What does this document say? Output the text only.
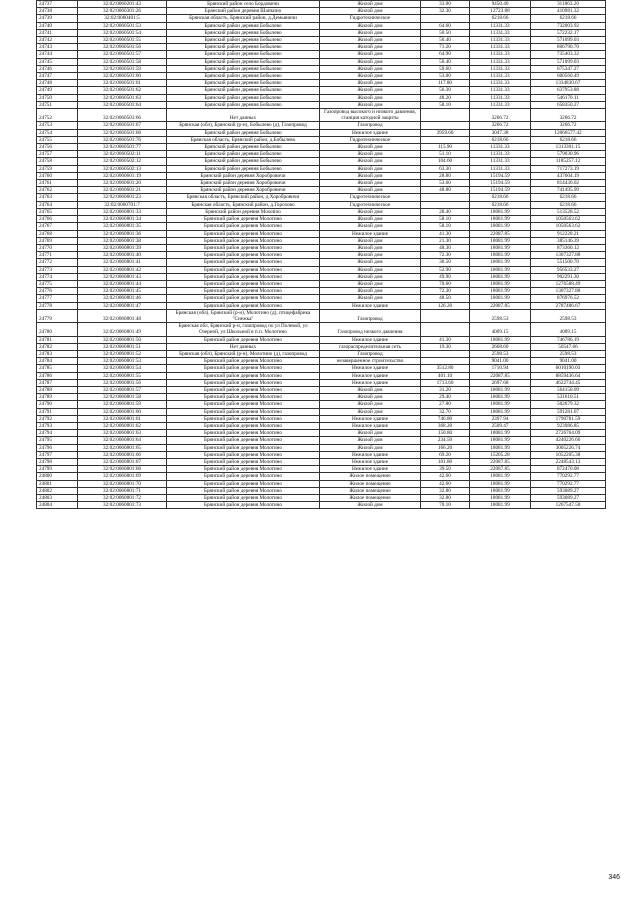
24737	32:02:0060201:43	Брянский район село Бордовичи	Жилой дом	33.00	9450.40	311863.20
24738	32:02:0060301:26	Брянский район деревня Шапкино	Жилой дом	32.30	12723.88	410981.32
24739	32:02:0060401:5	Брянская область, Брянский район, д.Демьяничи	Гидротехническое		6218.66	6218.66
24740	32:02:0060501:53	Брянский район деревня Бобылево	Жилой дом	64.60	11331.33	732003.92
24741	32:02:0060501:54	Брянский район деревня Бобылево	Жилой дом	50.50	11331.33	572232.17
24742	32:02:0060501:55	Брянский район деревня Бобылево	Жилой дом	50.40	11331.33	571099.03
24743	32:02:0060501:56	Брянский район деревня Бобылево	Жилой дом	71.20	11331.33	806790.70
24744	32:02:0060501:57	Брянский район деревня Бобылево	Жилой дом	64.90	11331.33	735403.32
24745	32:02:0060501:58	Брянский район деревня Бобылево	Жилой дом	50.40	11331.33	571099.03
24746	32:02:0060501:59	Брянский район деревня Бобылево	Жилой дом	59.60	11331.33	675347.27
24747	32:02:0060501:60	Брянский район деревня Бобылево	Жилой дом	53.00	11331.33	600560.49
24748	32:02:0060501:61	Брянский район деревня Бобылево	Жилой дом	117.80	11331.33	1334830.67
24749	32:02:0060501:62	Брянский район деревня Бобылево	Жилой дом	56.30	11331.33	637953.88
24750	32:02:0060501:63	Брянский район деревня Бобылево	Жилой дом	48.20	11331.33	546170.11
24751	32:02:0060501:64	Брянский район деревня Бобылево	Жилой дом	58.10	11331.33	658350.27
24752	32:02:0060501:66	Нет данных	Газопровод высокого и низкого давления, станция катодной защиты		3266.72	3266.72
24753	32:02:0060501:67	Брянская (обл), Брянский (р-н), Бобылево (д), Газопровод	Газопровод		3266.72	3266.72
24754	32:02:0060501:68	Брянский район деревня Бобылево	Нежилое здание	3959.60	3047.38	12066577.42
24755	32:02:0060501:76	Брянская область, Брянский район, д.Бобылево	Гидротехническое		6218.66	6218.66
24756	32:02:0060501:77	Брянский район деревня Бобылево	Жилой дом	115.90	11331.33	1313301.15
24757	32:02:0060502:11	Брянский район деревня Бобылево	Жилой дом	51.10	11331.33	579030.96
24758	32:02:0060502:12	Брянский район деревня Бобылево	Жилой дом	104.60	11331.33	1185257.12
24759	32:02:0060502:13	Брянский район деревня Бобылево	Жилой дом	63.30	11331.33	717273.19
24760	32:02:0060601:19	Брянский район деревня Хоробровичи	Жилой дом	28.80	15194.59	437604.19
24761	32:02:0060601:20	Брянский район деревня Хоробровичи	Жилой дом	53.60	15194.59	814430.02
24762	32:02:0060601:21	Брянский район деревня Хоробровичи	Жилой дом	48.80	15194.59	741495.99
24763	32:02:0060601:23	Брянская область, Брянский район, д.Хоробровичи	Гидротехническое		6218.66	6218.66
24764	32:02:0060701:7	Брянская область, Брянский район, д.Горохово	Гидротехническое		6218.66	6218.66
24765	32:02:0060801:33	Брянский район деревня Мosotino	Жилой дом	28.40	18081.99	513528.52
24766	32:02:0060801:34	Брянский район деревня Молотино	Жилой дом	58.10	18081.99	1050563.62
24767	32:02:0060801:35	Брянский район деревня Молотино	Жилой дом	58.10	18081.99	1050563.62
24768	32:02:0060801:36	Брянский район деревня Молотино	Нежилое здание	41.30	22087.85	912228.21
24769	32:02:0060801:38	Брянский район деревня Молотино	Жилой дом	21.30	18081.99	385146.39
24770	32:02:0060801:39	Брянский район деревня Молотино	Жилой дом	48.30	18081.99	873360.12
24771	32:02:0060801:40	Брянский район деревня Молотино	Жилой дом	72.30	18081.99	1307327.88
24772	32:02:0060801:41	Брянский район деревня Молотино	Жилой дом	30.50	18081.99	551500.70
24773	32:02:0060801:42	Брянский район деревня Молотино	Жилой дом	52.90	18081.99	956533.27
24774	32:02:0060801:43	Брянский район деревня Молотино	Жилой дом	49.90	18081.99	902291.30
24775	32:02:0060801:44	Брянский район деревня Молотино	Жилой дом	70.60	18081.99	1276588.49
24776	32:02:0060801:45	Брянский район деревня Молотино	Жилой дом	72.30	18081.99	1307327.88
24777	32:02:0060801:46	Брянский район деревня Молотино	Жилой дом	48.50	18081.99	876976.52
24778	32:02:0060801:47	Брянский район деревня Молотино	Нежилое здание	126.20	22087.85	2787486.67
24779	32:02:0060801:48	Брянская (обл), Брянский (р-н), Молотино (д), птицефабрика "Снежка"	Газопровод		2598.53	2598.53
24780	32:02:0060801:49	Брянская обл, Брянский р-н, газопровод по ул Полевой, ул Озерной, ул Школьной в п.п. Молотино	Газопровод низкого давления		4009.15	4009.15
24781	32:02:0060801:50	Брянский район деревня Молотино	Нежилое здание	41.30	18081.99	746786.19
24782	32:02:0060801:51	Нет данных	газораспределительная сеть	19.30	2668.60	50547.66
24783	32:02:0060801:52	Брянская (обл), Брянский (р-н), Молотино (д), газопровод	Газопровод		2598.53	2598.53
24784	32:02:0060801:53	Брянский район деревня Молотино	незавершенное строительство		9041.00	9041.00
24785	32:02:0060801:54	Брянский район деревня Молотино	Нежилое здание	3512.80	1710.94	6010190.03
24786	32:02:0060801:55	Брянский район деревня Молотино	Нежилое здание	401.10	22087.85	8859436.64
24787	32:02:0060801:56	Брянский район деревня Молотино	Нежилое здание	1713.60	2697.68	4622744.45
24788	32:02:0060801:57	Брянский район деревня Молотино	Жилой дом	31.20	18081.99	564158.09
24789	32:02:0060801:58	Брянский район деревня Молотино	Жилой дом	29.40	18081.99	531610.51
24790	32:02:0060801:59	Брянский район деревня Молотино	Жилой дом	27.80	18081.99	502679.32
24791	32:02:0060801:60	Брянский район деревня Молотино	Жилой дом	32.70	18081.99	591281.07
24792	32:02:0060801:61	Брянский район деревня Молотино	Нежилое здание	746.80	2397.94	1790781.59
24793	32:02:0060801:62	Брянский район деревня Молотино	Нежилое здание	368.20	2509.47	923986.85
24794	32:02:0060801:63	Брянский район деревня Молотино	Жилой дом	150.80	18081.99	2726764.09
24795	32:02:0060801:64	Брянский район деревня Молотино	Жилой дом	234.50	18081.99	4240226.66
24796	32:02:0060801:65	Брянский район деревня Молотино	Жилой дом	166.20	18081.99	3005226.74
24797	32:02:0060801:66	Брянский район деревня Молотино	Нежилое здание	69.20	15205.28	1052205.38
24798	32:02:0060801:67	Брянский район деревня Молотино	Нежилое здание	101.80	22087.85	2248543.13
24799	32:02:0060801:68	Брянский район деревня Молотино	Нежилое здание	39.50	22087.85	872470.08
24800	32:02:0060801:69	Брянский район деревня Молотино	Жилое помещение	42.60	18081.99	770292.77
24801	32:02:0060801:70	Брянский район деревня Молотино	Жилое помещение	42.60	18081.99	770292.77
24802	32:02:0060801:71	Брянский район деревня Молотино	Жилое помещение	32.80	18081.99	593089.27
24803	32:02:0060801:72	Брянский район деревня Молотино	Жилое помещение	32.80	18081.99	593089.27
24804	32:02:0060801:73	Брянский район деревня Молотино	Жилой дом	70.10	18081.99	1267547.50
346
